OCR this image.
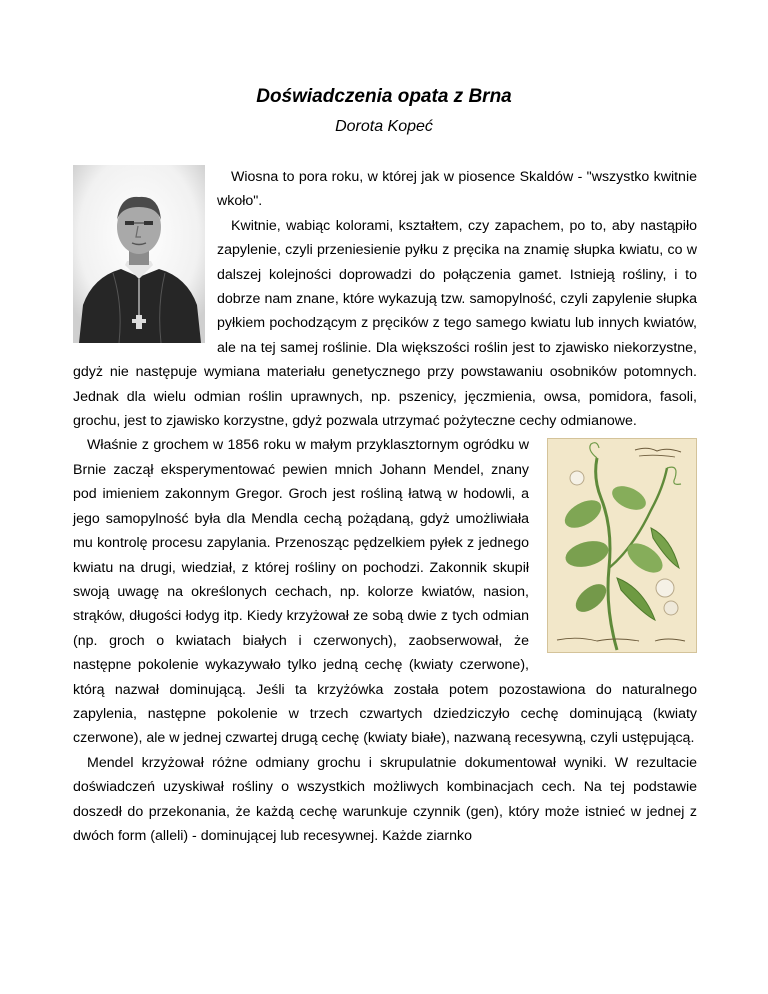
Doświadczenia opata z Brna
Dorota Kopeć

Wiosna to pora roku, w której jak w piosence Skaldów - "wszystko kwitnie wkoło".

Kwitnie, wabiąc kolorami, kształtem, czy zapachem, po to, aby nastąpiło zapylenie, czyli przeniesienie pyłku z pręcika na znamię słupka kwiatu, co w dalszej kolejności doprowadzi do połączenia gamet. Istnieją rośliny, i to dobrze nam znane, które wykazują tzw. samopylność, czyli zapylenie słupka pyłkiem pochodzącym z pręcików z tego samego kwiatu lub innych kwiatów, ale na tej samej roślinie. Dla większości roślin jest to zjawisko niekorzystne, gdyż nie następuje wymiana materiału genetycznego przy powstawaniu osobników potomnych. Jednak dla wielu odmian roślin uprawnych, np. pszenicy, jęczmienia, owsa, pomidora, fasoli, grochu, jest to zjawisko korzystne, gdyż pozwala utrzymać pożyteczne cechy odmianowe.

Właśnie z grochem w 1856 roku w małym przyklasztornym ogródku w Brnie zaczął eksperymentować pewien mnich Johann Mendel, znany pod imieniem zakonnym Gregor. Groch jest rośliną łatwą w hodowli, a jego samopylność była dla Mendla cechą pożądaną, gdyż umożliwiała mu kontrolę procesu zapylania. Przenosząc pędzelkiem pyłek z jednego kwiatu na drugi, wiedział, z której rośliny on pochodzi. Zakonnik skupił swoją uwagę na określonych cechach, np. kolorze kwiatów, nasion, strąków, długości łodyg itp. Kiedy krzyżował ze sobą dwie z tych odmian (np. groch o kwiatach białych i czerwonych), zaobserwował, że następne pokolenie wykazywało tylko jedną cechę (kwiaty czerwone), którą nazwał dominującą. Jeśli ta krzyżówka została potem pozostawiona do naturalnego zapylenia, następne pokolenie w trzech czwartych dziedziczyło cechę dominującą (kwiaty czerwone), ale w jednej czwartej drugą cechę (kwiaty białe), nazwaną recesywną, czyli ustępującą.

Mendel krzyżował różne odmiany grochu i skrupulatnie dokumentował wyniki. W rezultacie doświadczeń uzyskiwał rośliny o wszystkich możliwych kombinacjach cech. Na tej podstawie doszedł do przekonania, że każdą cechę warunkuje czynnik (gen), który może istnieć w jednej z dwóch form (alleli) - dominującej lub recesywnej. Każde ziarnko
